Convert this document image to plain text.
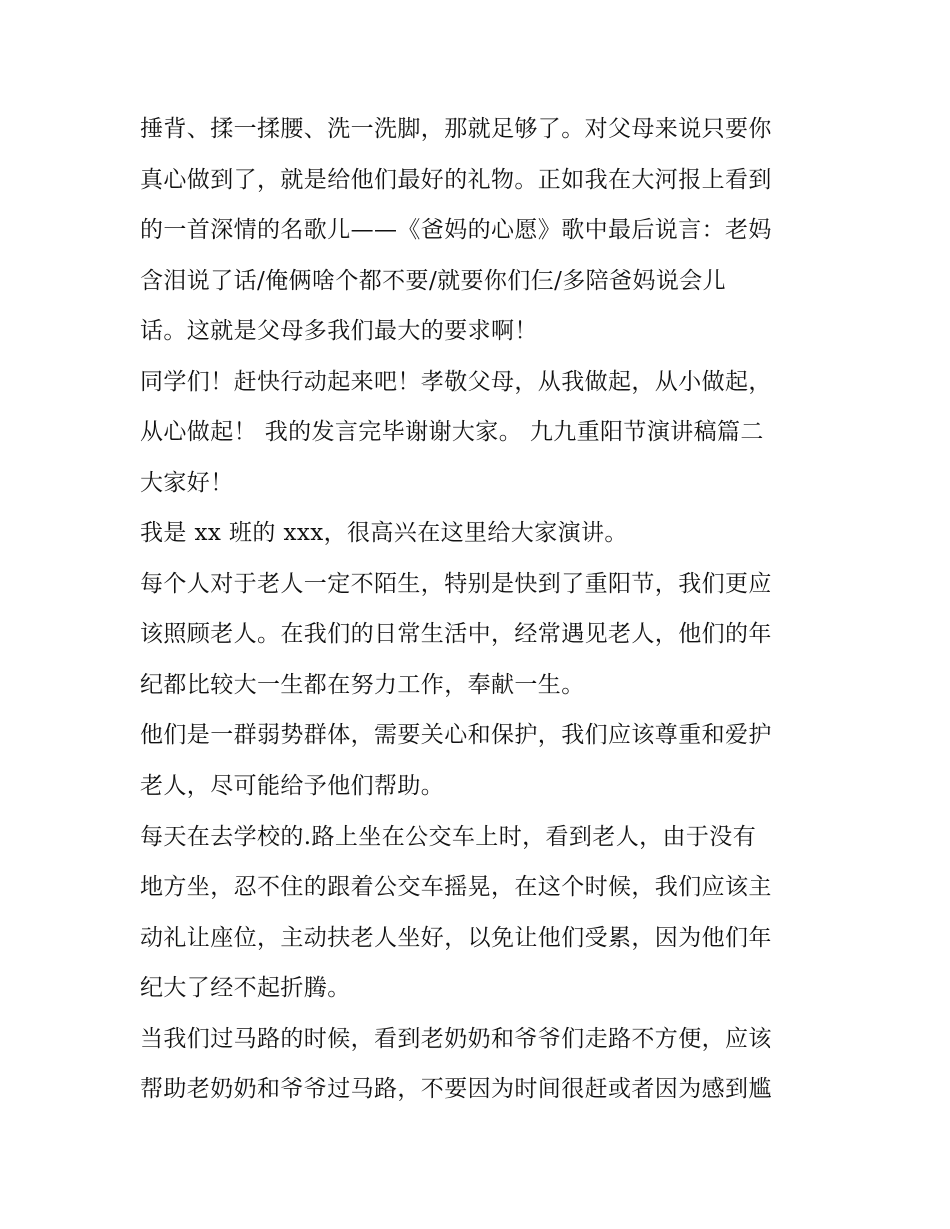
捶背、揉一揉腰、洗一洗脚，那就足够了。对父母来说只要你
真心做到了，就是给他们最好的礼物。正如我在大河报上看到
的一首深情的名歌儿——《爸妈的心愿》歌中最后说言：老妈
含泪说了话/俺俩啥个都不要/就要你们仨/多陪爸妈说会儿
话。这就是父母多我们最大的要求啊！
同学们！赶快行动起来吧！孝敬父母，从我做起，从小做起，
从心做起！ 我的发言完毕谢谢大家。 九九重阳节演讲稿篇二
大家好！
我是 xx 班的 xxx，很高兴在这里给大家演讲。
每个人对于老人一定不陌生，特别是快到了重阳节，我们更应
该照顾老人。在我们的日常生活中，经常遇见老人，他们的年
纪都比较大一生都在努力工作，奉献一生。
他们是一群弱势群体，需要关心和保护，我们应该尊重和爱护
老人，尽可能给予他们帮助。
每天在去学校的.路上坐在公交车上时，看到老人，由于没有
地方坐，忍不住的跟着公交车摇晃，在这个时候，我们应该主
动礼让座位，主动扶老人坐好，以免让他们受累，因为他们年
纪大了经不起折腾。
当我们过马路的时候，看到老奶奶和爷爷们走路不方便，应该
帮助老奶奶和爷爷过马路，不要因为时间很赶或者因为感到尴
